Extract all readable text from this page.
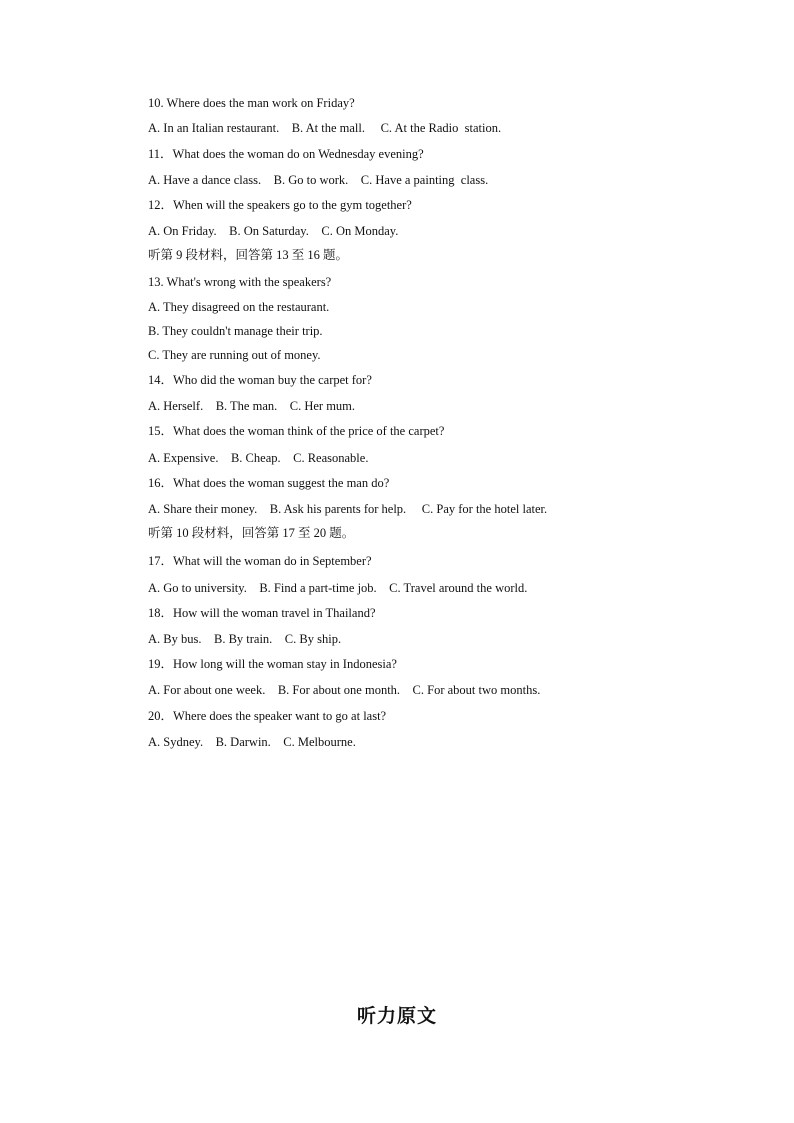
10. Where does the man work on Friday?
A. In an Italian restaurant.    B. At the mall.     C. At the Radio  station.
11．What does the woman do on Wednesday evening?
A. Have a dance class.    B. Go to work.    C. Have a painting  class.
12．When will the speakers go to the gym together?
A. On Friday.    B. On Saturday.    C. On Monday.
听第 9 段材料，回答第 13 至 16 题。
13. What's wrong with the speakers?
A. They disagreed on the restaurant.
B. They couldn't manage their trip.
C. They are running out of money.
14．Who did the woman buy the carpet for?
A. Herself.    B. The man.    C. Her mum.
15．What does the woman think of the price of the carpet?
A. Expensive.    B. Cheap.    C. Reasonable.
16．What does the woman suggest the man do?
A. Share their money.    B. Ask his parents for help.     C. Pay for the hotel later.
听第 10 段材料，回答第 17 至 20 题。
17．What will the woman do in September?
A. Go to university.    B. Find a part-time job.    C. Travel around the world.
18．How will the woman travel in Thailand?
A. By bus.    B. By train.    C. By ship.
19．How long will the woman stay in Indonesia?
A. For about one week.    B. For about one month.    C. For about two months.
20．Where does the speaker want to go at last?
A. Sydney.    B. Darwin.    C. Melbourne.
听力原文
